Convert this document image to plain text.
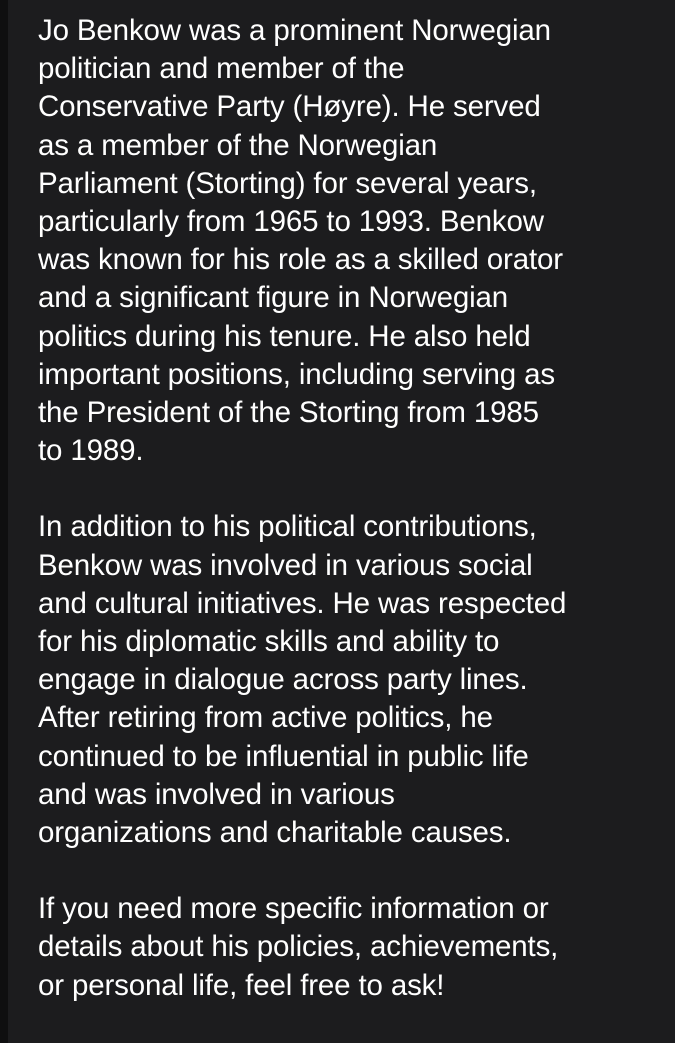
Jo Benkow was a prominent Norwegian
politician and member of the
Conservative Party (Høyre). He served
as a member of the Norwegian
Parliament (Storting) for several years,
particularly from 1965 to 1993. Benkow
was known for his role as a skilled orator
and a significant figure in Norwegian
politics during his tenure. He also held
important positions, including serving as
the President of the Storting from 1985
to 1989.

In addition to his political contributions,
Benkow was involved in various social
and cultural initiatives. He was respected
for his diplomatic skills and ability to
engage in dialogue across party lines.
After retiring from active politics, he
continued to be influential in public life
and was involved in various
organizations and charitable causes.

If you need more specific information or
details about his policies, achievements,
or personal life, feel free to ask!
